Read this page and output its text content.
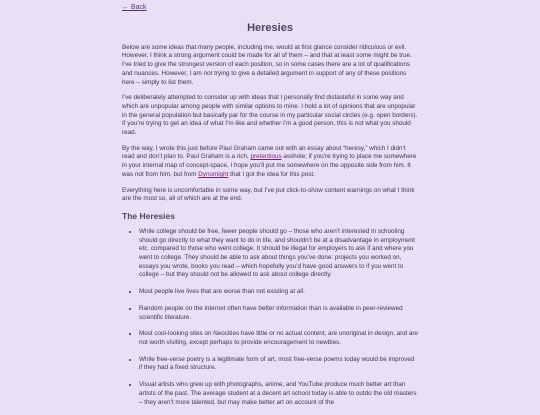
← Back
Heresies

Below are some ideas that many people, including me, would at first glance consider ridiculous or evil. However, I think a strong argument could be made for all of them – and that at least some might be true. I’ve tried to give the strongest version of each position, so in some cases there are a lot of qualifications and nuances. However, I am not trying to give a detailed argument in support of any of these positions here – simply to list them.

I’ve deliberately attempted to consider up with ideas that I personally find distasteful in some way and which are unpopular among people with similar options to mine. I hold a lot of opinions that are unpopular in the general population but basically par for the course in my particular social circles (e.g. open borders). If you’re trying to get an idea of what I’m like and whether I’m a good person, this is not what you should read.

By the way, I wrote this just before Paul Graham came out with an essay about “heresy,” which I didn’t read and don’t plan to. Paul Graham is a rich, pretentious asshole; if you’re trying to place me somewhere in your internal map of concept-space, I hope you’ll put me somewhere on the opposite side from him. It was not from him, but from Dynomight that I got the idea for this post.

Everything here is uncomfortable in some way, but I’ve put click-to-show content warnings on what I think are the most so, all of which are at the end.

The Heresies
• While college should be free, fewer people should go – those who aren’t interested in schooling should go directly to what they want to do in life, and shouldn’t be at a disadvantage in employment etc. compared to those who went college. It should be illegal for employers to ask if and where you went to college. They should be able to ask about things you’ve done: projects you worked on, essays you wrote, books you read – which hopefully you’d have good answers to if you went to college – but they should not be allowed to ask about college directly.
• Most people live lives that are worse than not existing at all.
• Random people on the internet often have better information than is available in peer-reviewed scientific literature.
• Most cool-looking sites on Neocities have little or no actual content, are unoriginal in design, and are not worth visiting, except perhaps to provide encouragement to newbies.
• While free-verse poetry is a legitimate form of art, most free-verse poems today would be improved if they had a fixed structure.
• Visual artists who grew up with photographs, anime, and YouTube produce much better art than artists of the past. The average student at a decent art school today is able to outdo the old masters – they aren’t more talented, but may make better art on account of the
